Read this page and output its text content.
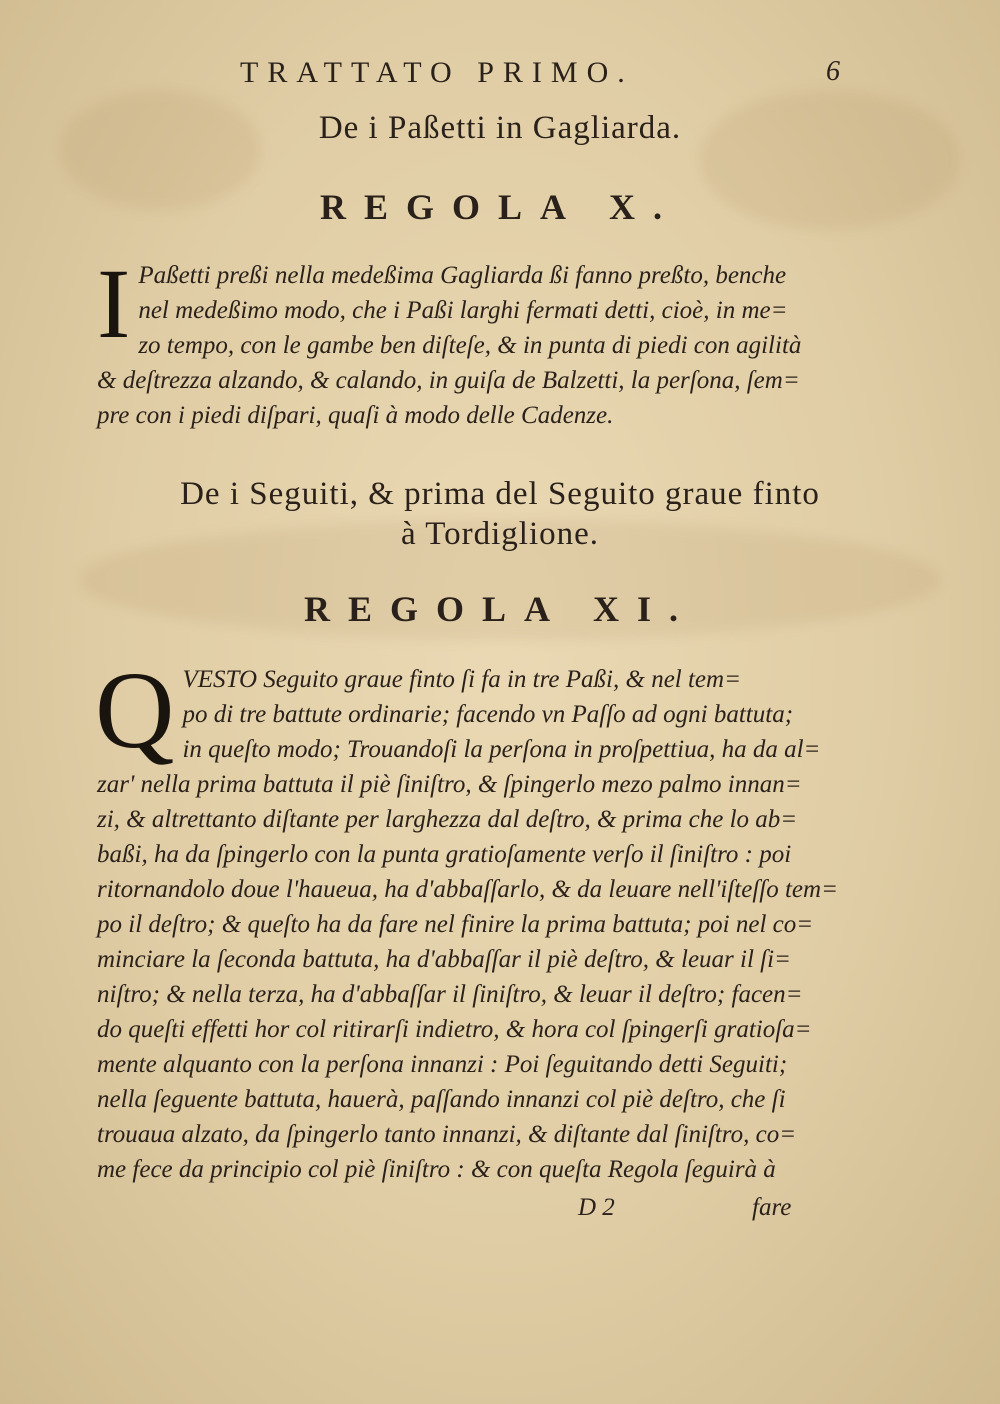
TRATTATO PRIMO.	6
De i Paßetti in Gagliarda.
REGOLA X.
I Paßetti preßi nella medeßima Gagliarda ßi fanno preßto, benche
nel medeßimo modo, che i Paßi larghi fermati detti, cioè, in me=
zo tempo, con le gambe ben diſteſe, & in punta di piedi con agilità
& deſtrezza alzando, & calando, in guiſa de Balzetti, la perſona, ſem=
pre con i piedi diſpari, quaſi à modo delle Cadenze.
De i Seguiti, & prima del Seguito graue finto
à Tordiglione.
REGOLA XI.
Q VESTO Seguito graue finto ſi fa in tre Paßi, & nel tem=
po di tre battute ordinarie; facendo vn Paſſo ad ogni battuta;
in queſto modo; Trouandoſi la perſona in proſpettiua, ha da al=
zar' nella prima battuta il piè ſiniſtro, & ſpingerlo mezo palmo innan=
zi, & altrettanto diſtante per larghezza dal deſtro, & prima che lo ab=
baßi, ha da ſpingerlo con la punta gratioſamente verſo il ſiniſtro : poi
ritornandolo doue l'haueua, ha d'abbaſſarlo, & da leuare nell'iſteſſo tem=
po il deſtro; & queſto ha da fare nel finire la prima battuta; poi nel co=
minciare la ſeconda battuta, ha d'abbaſſar il piè deſtro, & leuar il ſi=
niſtro; & nella terza, ha d'abbaſſar il ſiniſtro, & leuar il deſtro; facen=
do queſti effetti hor col ritirarſi indietro, & hora col ſpingerſi gratioſa=
mente alquanto con la perſona innanzi : Poi ſeguitando detti Seguiti;
nella ſeguente battuta, hauerà, paſſando innanzi col piè deſtro, che ſi
trouaua alzato, da ſpingerlo tanto innanzi, & diſtante dal ſiniſtro, co=
me fece da principio col piè ſiniſtro : & con queſta Regola ſeguirà à
D 2	fare
